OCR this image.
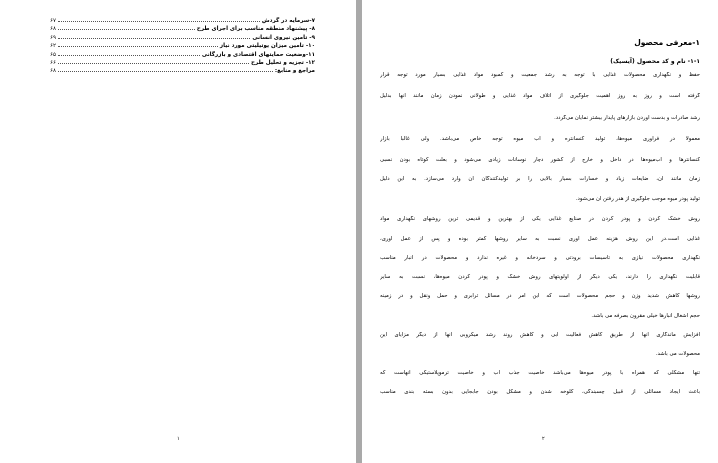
۷-سرمایه در گردش
۶۷
۸- پیشنهاد منطقه مناسب برای اجرای طرح
۶۸
۹- تامین نیروی انسانی
۶۹
۱۰- تامین میزان یوتیلیتی مورد نیاز
۶۲
۱۱-وضعیت حمایتهای اقتصادی و بازرگانی
۶۵
۱۲- تجزیه و تحلیل طرح
۶۶
مراجع و منابع:
۶۸
۱
۱-معرفی محصول
۱-۱- نام و کد محصول (آیسیک)
حفظ و نگهداری محصولات غذایی با توجه به رشد جمعیت و کمبود مواد غذایی بسیار مورد توجه قرار
گرفته است و روز به روز اهمیت جلوگیری از اتلاف مواد غذایی و طولانی نمودن زمان مانند آنها بدلیل
رشد صادرات و بدست آوردن بازارهای پایدار بیشتر نمایان می‌گردد.
معمولا در فراوری میوه‌ها، تولید کنسانتره و آب میوه توجه خاص می‌باشد. ولی غالبا بازار
کنسانترها و آب‌میوه‌ها در داخل و خارج از کشور دچار نوسانات زیادی می‌شود و بعلت کوتاه بودن نسبی
زمان مانند آن، ضایعات زیاد و خسارات بسیار بالایی را بر تولیدکنندگان آن وارد می‌سازد. به این دلیل
تولید پودر میوه موجب جلوگیری از هدر رفتن آن می‌شود.
روش خشک کردن و پودر کردن در صنایع غذایی یکی از بهترین و قدیمی ترین روشهای نگهداری مواد
غذایی است.در این روش هزینه عمل آوری نسبت به سایر روشها کمتر بوده و پس از عمل آوری،
نگهداری محصولات نیازی به تاسیسات برودتی و سردخانه و غیره ندارد و محصولات در انبار مناسب
قابلیت نگهداری را دارند، یکی دیگر از اولویتهای روش خشک و پودر کردن میوه‌ها، نسبت به سایر
روشها کاهش شدید وزن و حجم محصولات است که این امر در مسائل ترابری و حمل ونقل و در زمینه
حجم اشغال انبارها خیلی مقرون بصرفه می باشد.
افزایش ماندگاری آنها از طریق کاهش فعالیت آبی و کاهش روند رشد میکروبی آنها از دیگر مزایای این
محصولات می باشد.
تنها مشکلی که همراه با پودر میوه‌ها می‌باشد خاصیت جذب آب و خاصیت ترموپلاستیکی آنهاست که
باعث ایجاد مسائلی از قبیل چسبندگی، کلوخه شدن و مشکل بودن جابجایی بدون بسته بندی مناسب
۲
